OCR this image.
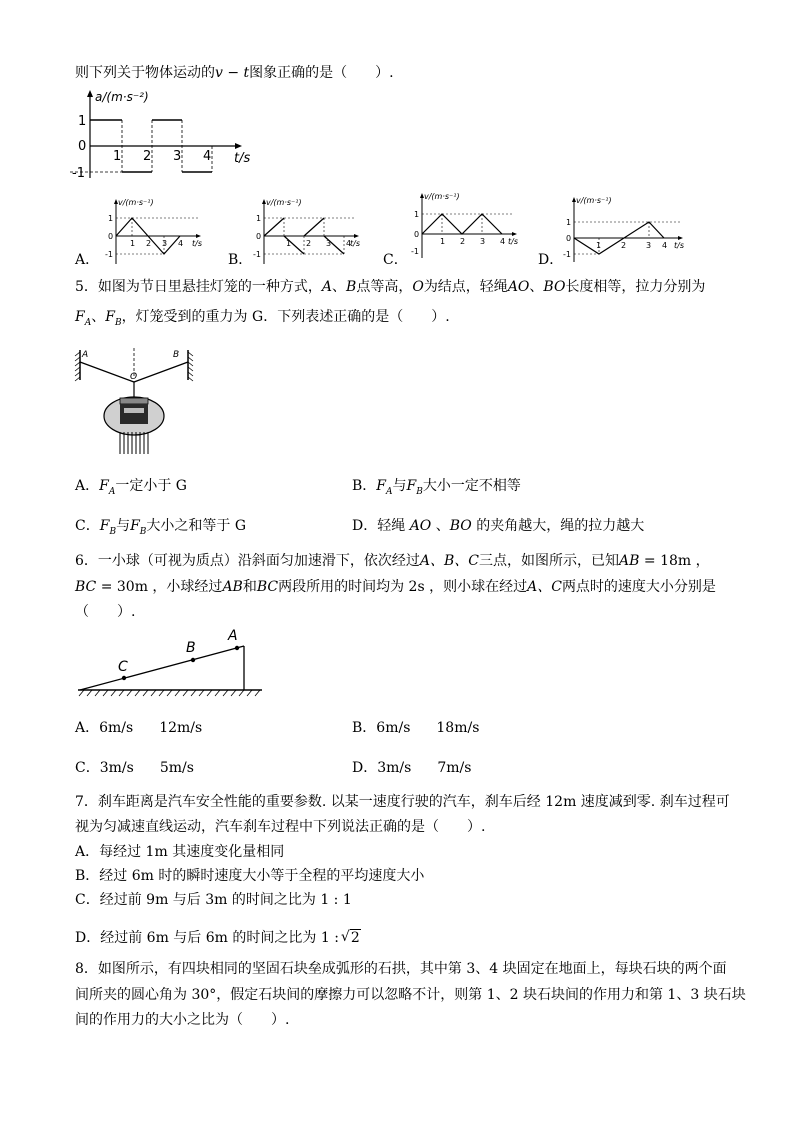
则下列关于物体运动的v − t图象正确的是（　　）.
a/(m·s⁻²)
t/s
1
0
-1
1 2 3 4
A．
v/(m·s⁻¹)
t/s
1
0
-1
1 2 3 4
B．
v/(m·s⁻¹)
t/s
1
0
-1
1 2 3 4
C．
v/(m·s⁻¹)
t/s
1
0
-1
1 2 3 4
D．
v/(m·s⁻¹)
t/s
1
0
-1
1 2 3 4
5．如图为节日里悬挂灯笼的一种方式，A、B点等高，O为结点，轻绳AO、BO长度相等，拉力分别为
$F_A$、$F_B$，灯笼受到的重力为 G．下列表述正确的是（　　）.
A	B
O
A．$F_A$一定小于 G	B．$F_A$与$F_B$大小一定不相等
C．$F_B$与$F_B$大小之和等于 G	D．轻绳 AO 、BO 的夹角越大，绳的拉力越大
6．一小球（可视为质点）沿斜面匀加速滑下，依次经过A、B、C三点，如图所示，已知AB = 18m ，
BC = 30m ，小球经过AB和BC两段所用的时间均为 2s ，则小球在经过A、C两点时的速度大小分别是
（　　）.
C
B
A
A．6m/s 12m/s	B．6m/s 18m/s
C．3m/s 5m/s	D．3m/s 7m/s
7．刹车距离是汽车安全性能的重要参数. 以某一速度行驶的汽车，刹车后经 12m 速度减到零. 刹车过程可
视为匀减速直线运动，汽车刹车过程中下列说法正确的是（　　）.
A．每经过 1m 其速度变化量相同
B．经过 6m 时的瞬时速度大小等于全程的平均速度大小
C．经过前 9m 与后 3m 的时间之比为 1 : 1
D．经过前 6m 与后 6m 的时间之比为 1 : √ 2
8．如图所示，有四块相同的坚固石块垒成弧形的石拱，其中第 3、4 块固定在地面上，每块石块的两个面
间所夹的圆心角为 30°，假定石块间的摩擦力可以忽略不计，则第 1、2 块石块间的作用力和第 1、3 块石块
间的作用力的大小之比为（　　）.
